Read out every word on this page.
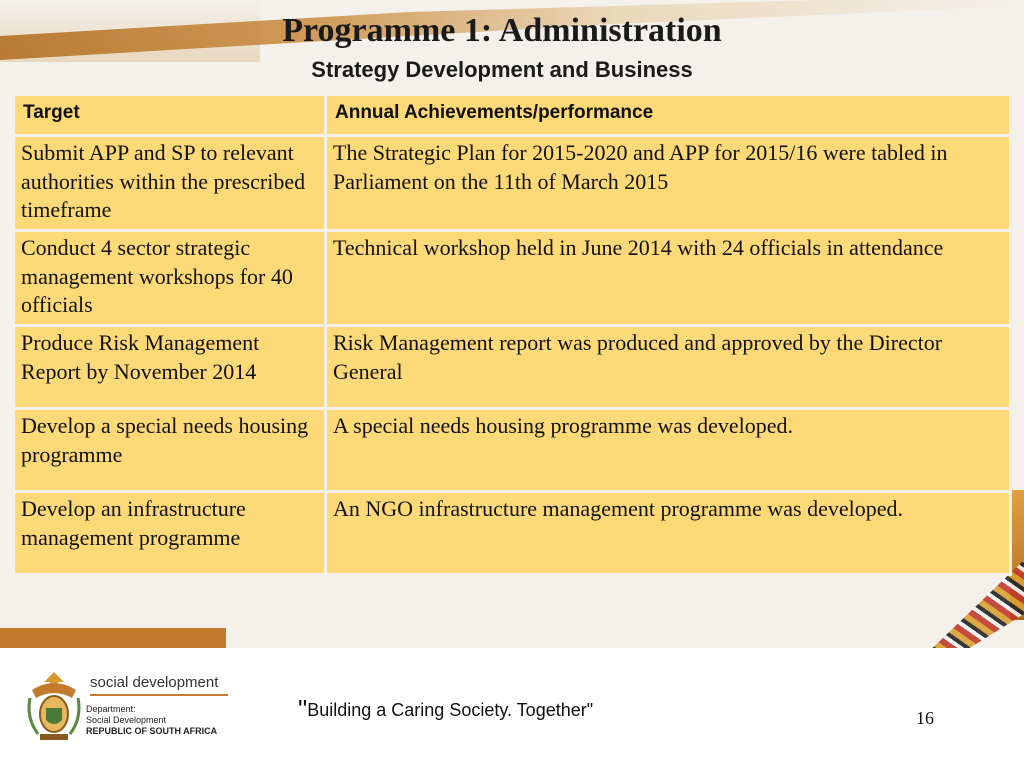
Programme 1: Administration
Strategy Development and Business
Target	Annual Achievements/performance
Submit APP and SP to relevant authorities within the prescribed timeframe	The Strategic Plan for 2015-2020 and APP for 2015/16 were tabled in Parliament on the 11th of March 2015
Conduct 4 sector strategic management workshops for 40 officials	Technical workshop held in June 2014 with 24 officials in attendance
Produce Risk Management Report by November 2014	Risk Management report was produced and approved by the Director General
Develop a special needs housing programme	A special needs housing programme was developed.
Develop an infrastructure management programme	An NGO infrastructure management programme was developed.
social development
Department:
Social Development
REPUBLIC OF SOUTH AFRICA
"Building a Caring Society. Together"	16
